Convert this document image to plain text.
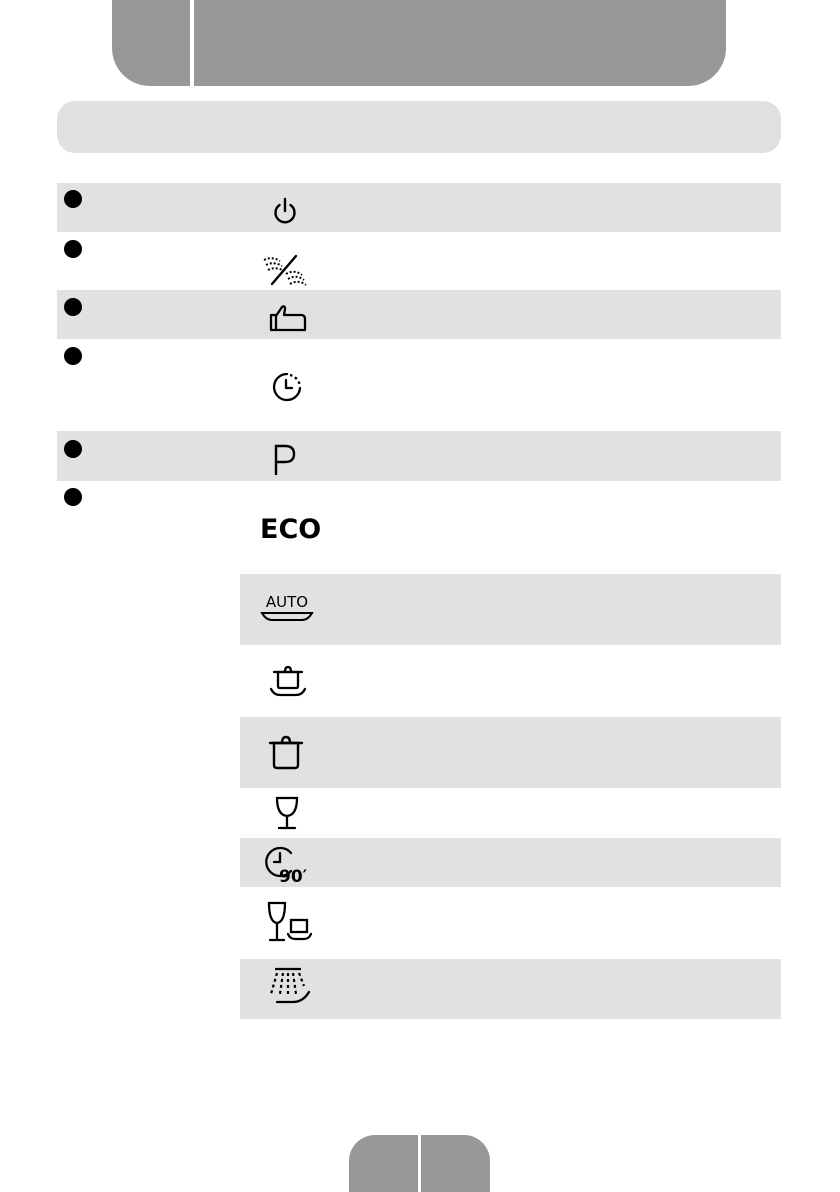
ECO
AUTO
90′
